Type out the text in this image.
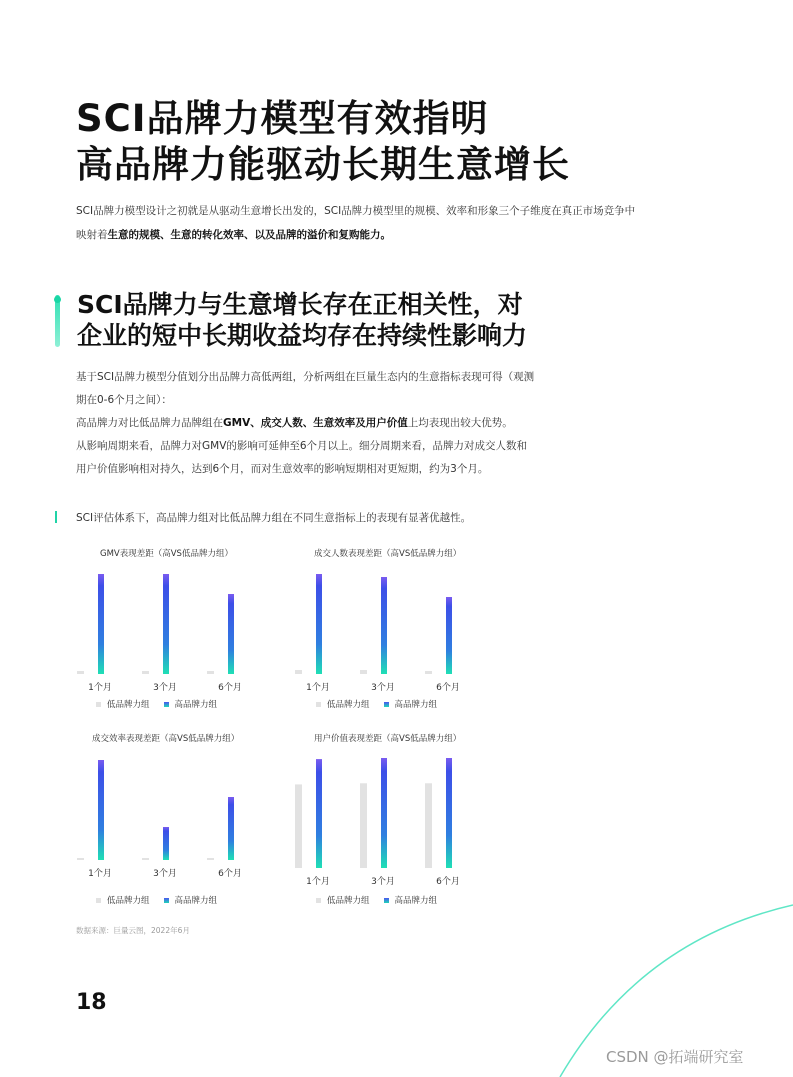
SCI品牌力模型有效指明
高品牌力能驱动长期生意增长

SCI品牌力模型设计之初就是从驱动生意增长出发的，SCI品牌力模型里的规模、效率和形象三个子维度在真正市场竞争中映射着生意的规模、生意的转化效率、以及品牌的溢价和复购能力。

SCI品牌力与生意增长存在正相关性，对
企业的短中长期收益均存在持续性影响力

基于SCI品牌力模型分值划分出品牌力高低两组，分析两组在巨量生态内的生意指标表现可得（观测期在0-6个月之间）：
高品牌力对比低品牌力品牌组在GMV、成交人数、生意效率及用户价值上均表现出较大优势。
从影响周期来看，品牌力对GMV的影响可延伸至6个月以上。细分周期来看，品牌力对成交人数和用户价值影响相对持久，达到6个月，而对生意效率的影响短期相对更短期，约为3个月。

SCI评估体系下，高品牌力组对比低品牌力组在不同生意指标上的表现有显著优越性。
GMV表现差距（高VS低品牌力组）
1个月	3个月	6个月
低品牌力组	高品牌力组
成交人数表现差距（高VS低品牌力组）
1个月	3个月	6个月
低品牌力组	高品牌力组
成交效率表现差距（高VS低品牌力组）
1个月	3个月	6个月
低品牌力组	高品牌力组
用户价值表现差距（高VS低品牌力组）
1个月	3个月	6个月
低品牌力组	高品牌力组
数据来源：巨量云图，2022年6月
18
CSDN @拓端研究室
